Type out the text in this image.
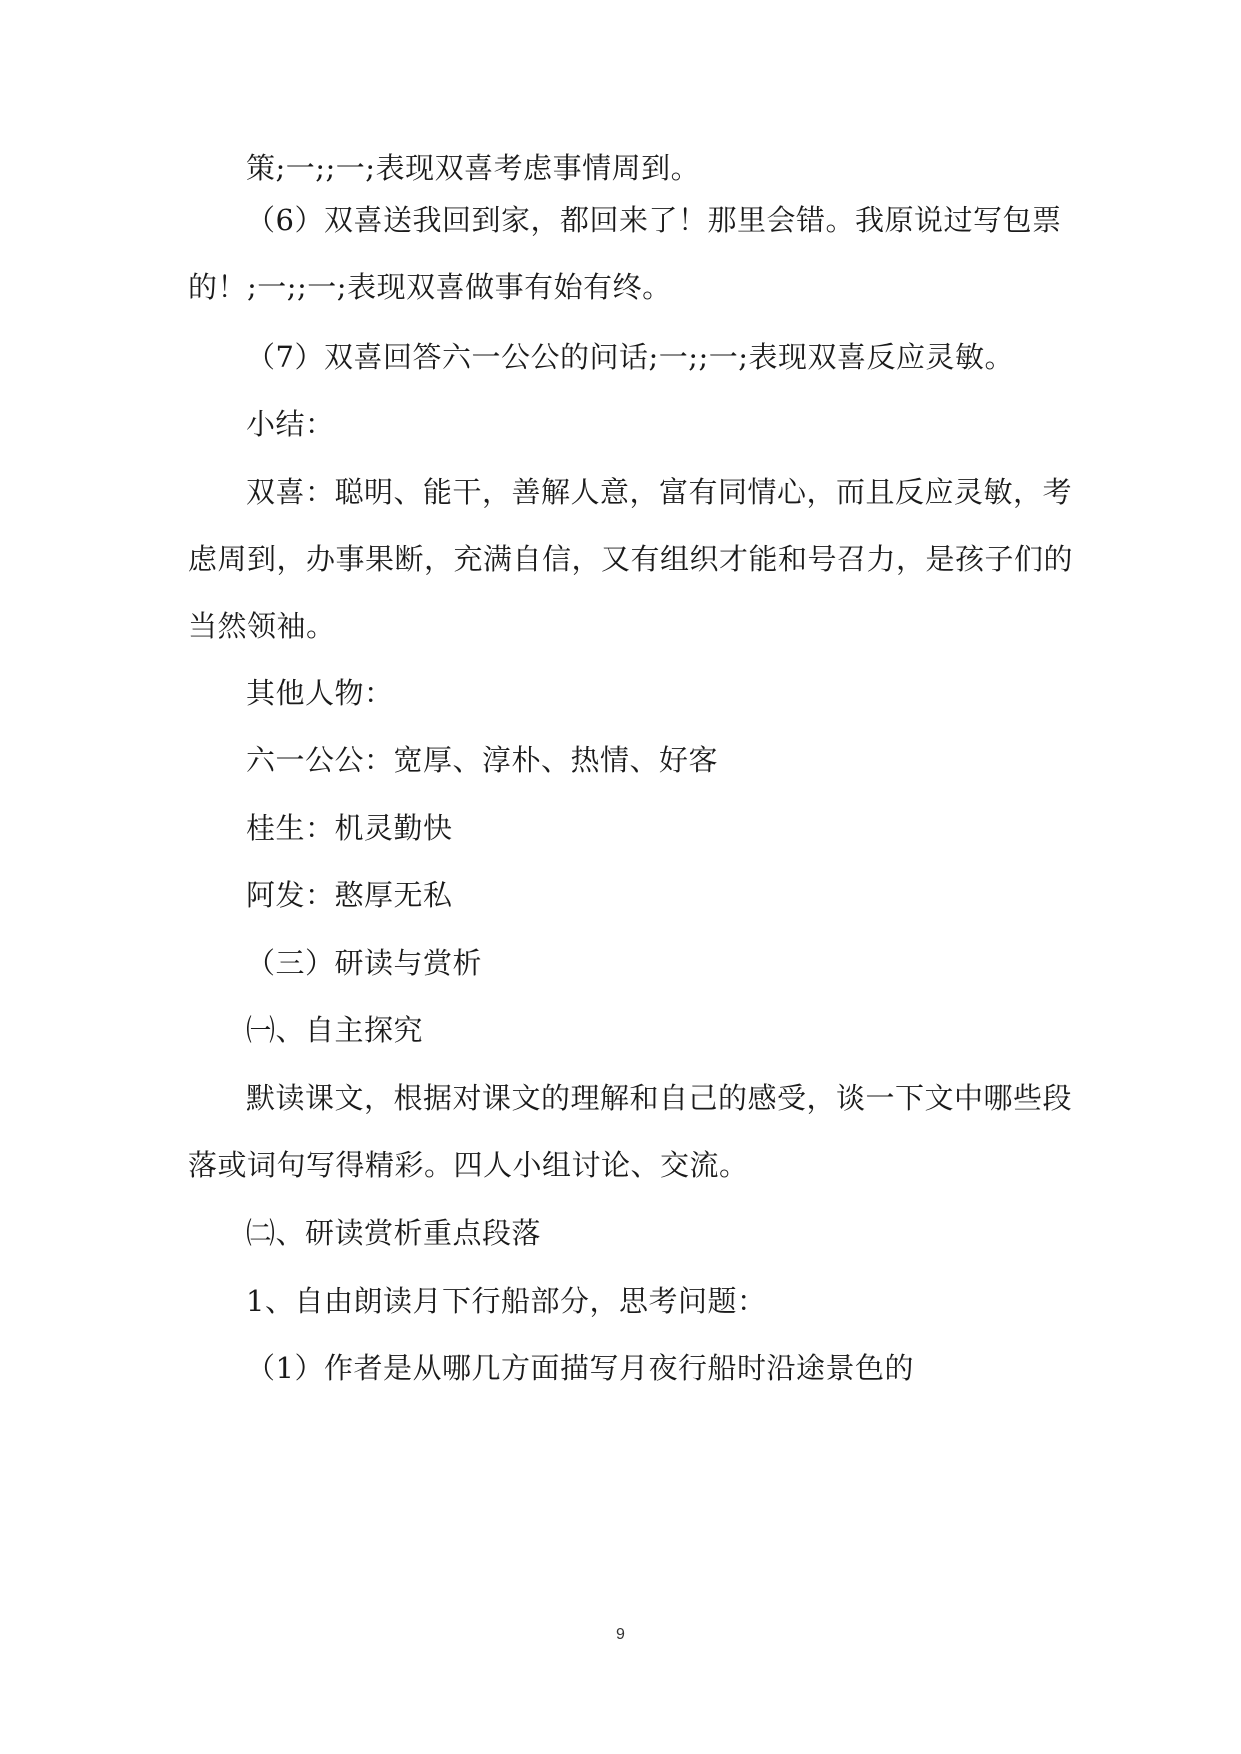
策;一;;一;表现双喜考虑事情周到。
（6）双喜送我回到家，都回来了！那里会错。我原说过写包票
的！;一;;一;表现双喜做事有始有终。
（7）双喜回答六一公公的问话;一;;一;表现双喜反应灵敏。
小结：
双喜：聪明、能干，善解人意，富有同情心，而且反应灵敏，考
虑周到，办事果断，充满自信，又有组织才能和号召力，是孩子们的
当然领袖。
其他人物：
六一公公：宽厚、淳朴、热情、好客
桂生：机灵勤快
阿发：憨厚无私
（三）研读与赏析
㈠、自主探究
默读课文，根据对课文的理解和自己的感受，谈一下文中哪些段
落或词句写得精彩。四人小组讨论、交流。
㈡、研读赏析重点段落
1、自由朗读月下行船部分，思考问题：
（1）作者是从哪几方面描写月夜行船时沿途景色的
9
